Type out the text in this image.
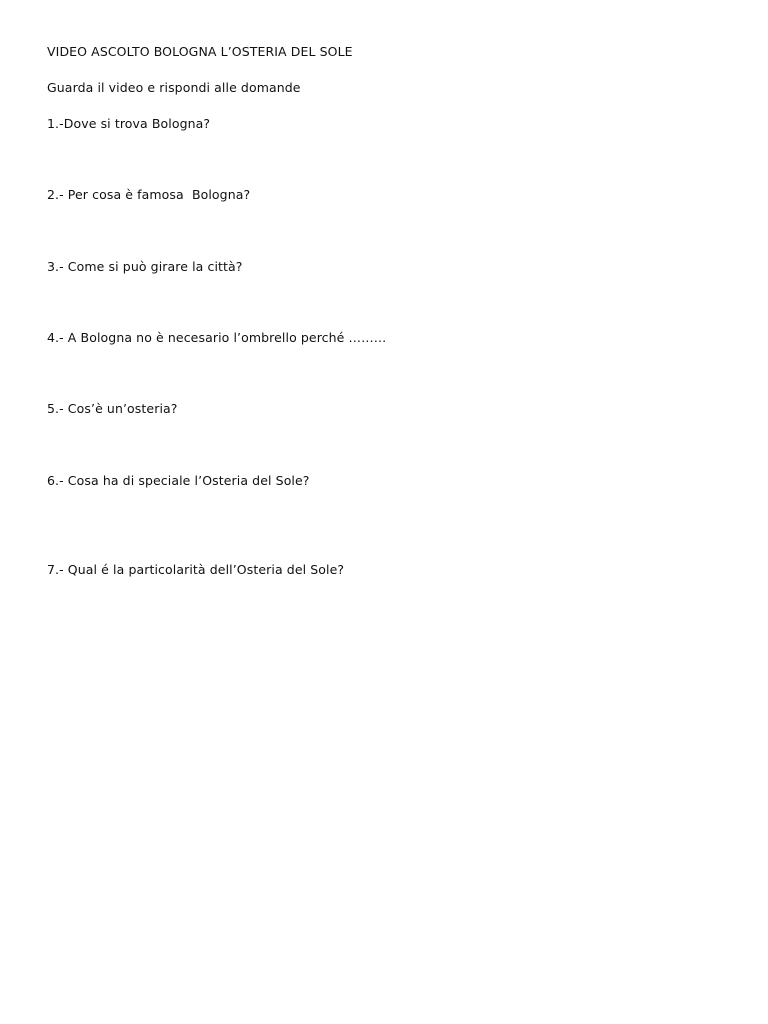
VIDEO ASCOLTO BOLOGNA L’OSTERIA DEL SOLE
Guarda il video e rispondi alle domande
1.-Dove si trova Bologna?
2.- Per cosa è famosa  Bologna?
3.- Come si può girare la città?
4.- A Bologna no è necesario l’ombrello perché ………
5.- Cos’è un’osteria?
6.- Cosa ha di speciale l’Osteria del Sole?
7.- Qual é la particolarità dell’Osteria del Sole?
